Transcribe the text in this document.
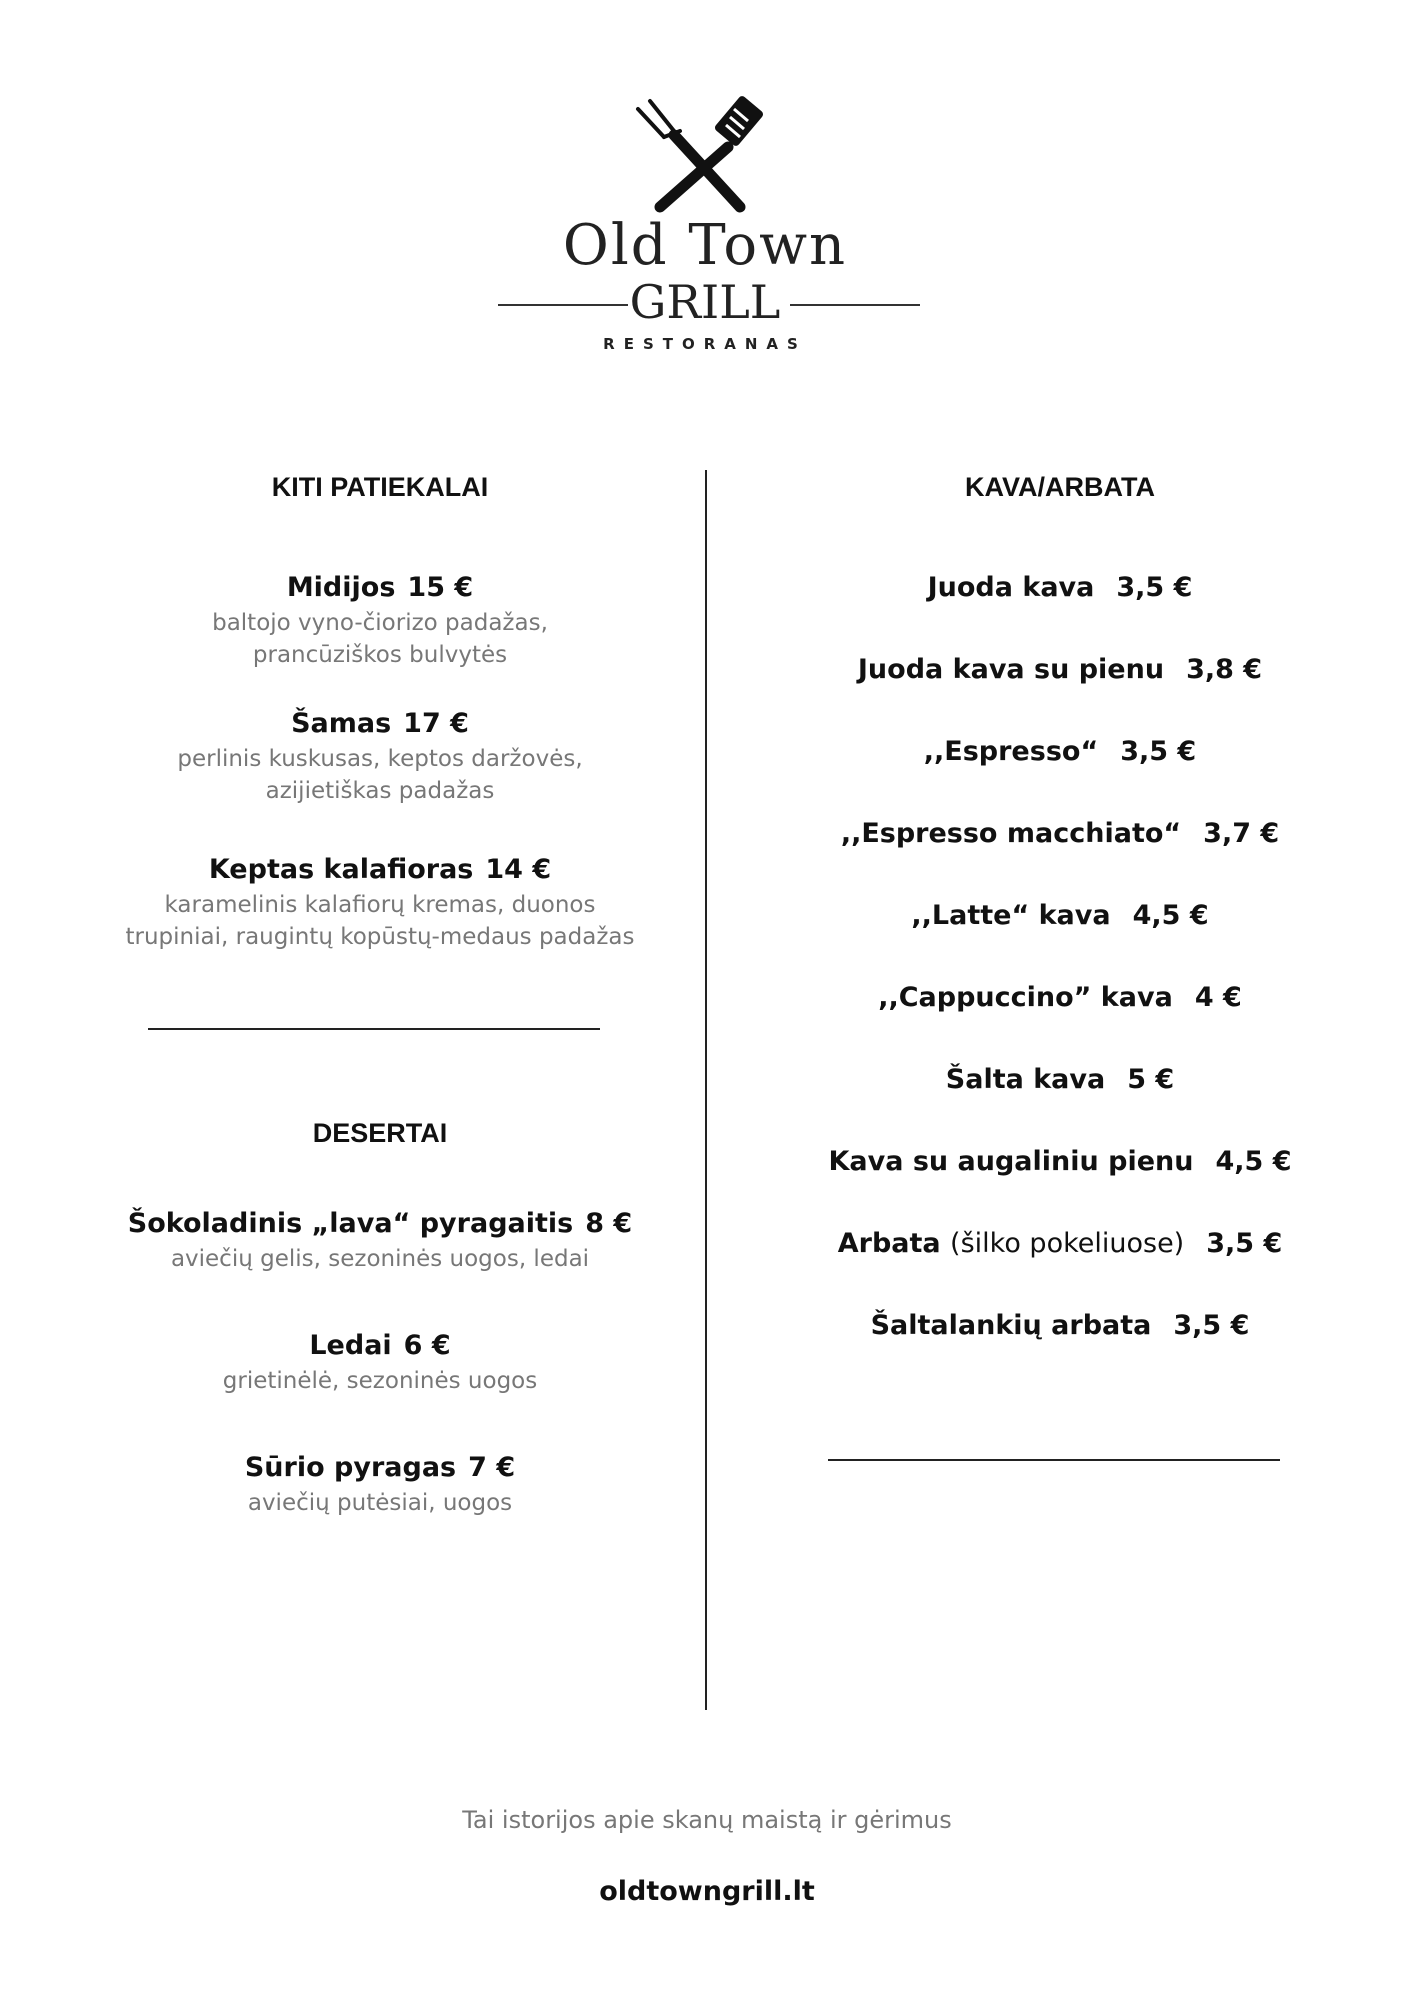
Old Town
GRILL
RESTORANAS
KITI PATIEKALAI
Midijos 15 €
baltojo vyno-čiorizo padažas,
prancūziškos bulvytės
Šamas 17 €
perlinis kuskusas, keptos daržovės,
azijietiškas padažas
Keptas kalafioras 14 €
karamelinis kalafiorų kremas, duonos
trupiniai, raugintų kopūstų-medaus padažas
DESERTAI
Šokoladinis „lava“ pyragaitis 8 €
aviečių gelis, sezoninės uogos, ledai
Ledai 6 €
grietinėlė, sezoninės uogos
Sūrio pyragas 7 €
aviečių putėsiai, uogos
KAVA/ARBATA
Juoda kava 3,5 €
Juoda kava su pienu 3,8 €
,,Espresso“ 3,5 €
,,Espresso macchiato“ 3,7 €
,,Latte“ kava 4,5 €
,,Cappuccino” kava 4 €
Šalta kava 5 €
Kava su augaliniu pienu 4,5 €
Arbata (šilko pokeliuose) 3,5 €
Šaltalankių arbata 3,5 €
Tai istorijos apie skanų maistą ir gėrimus
oldtowngrill.lt
